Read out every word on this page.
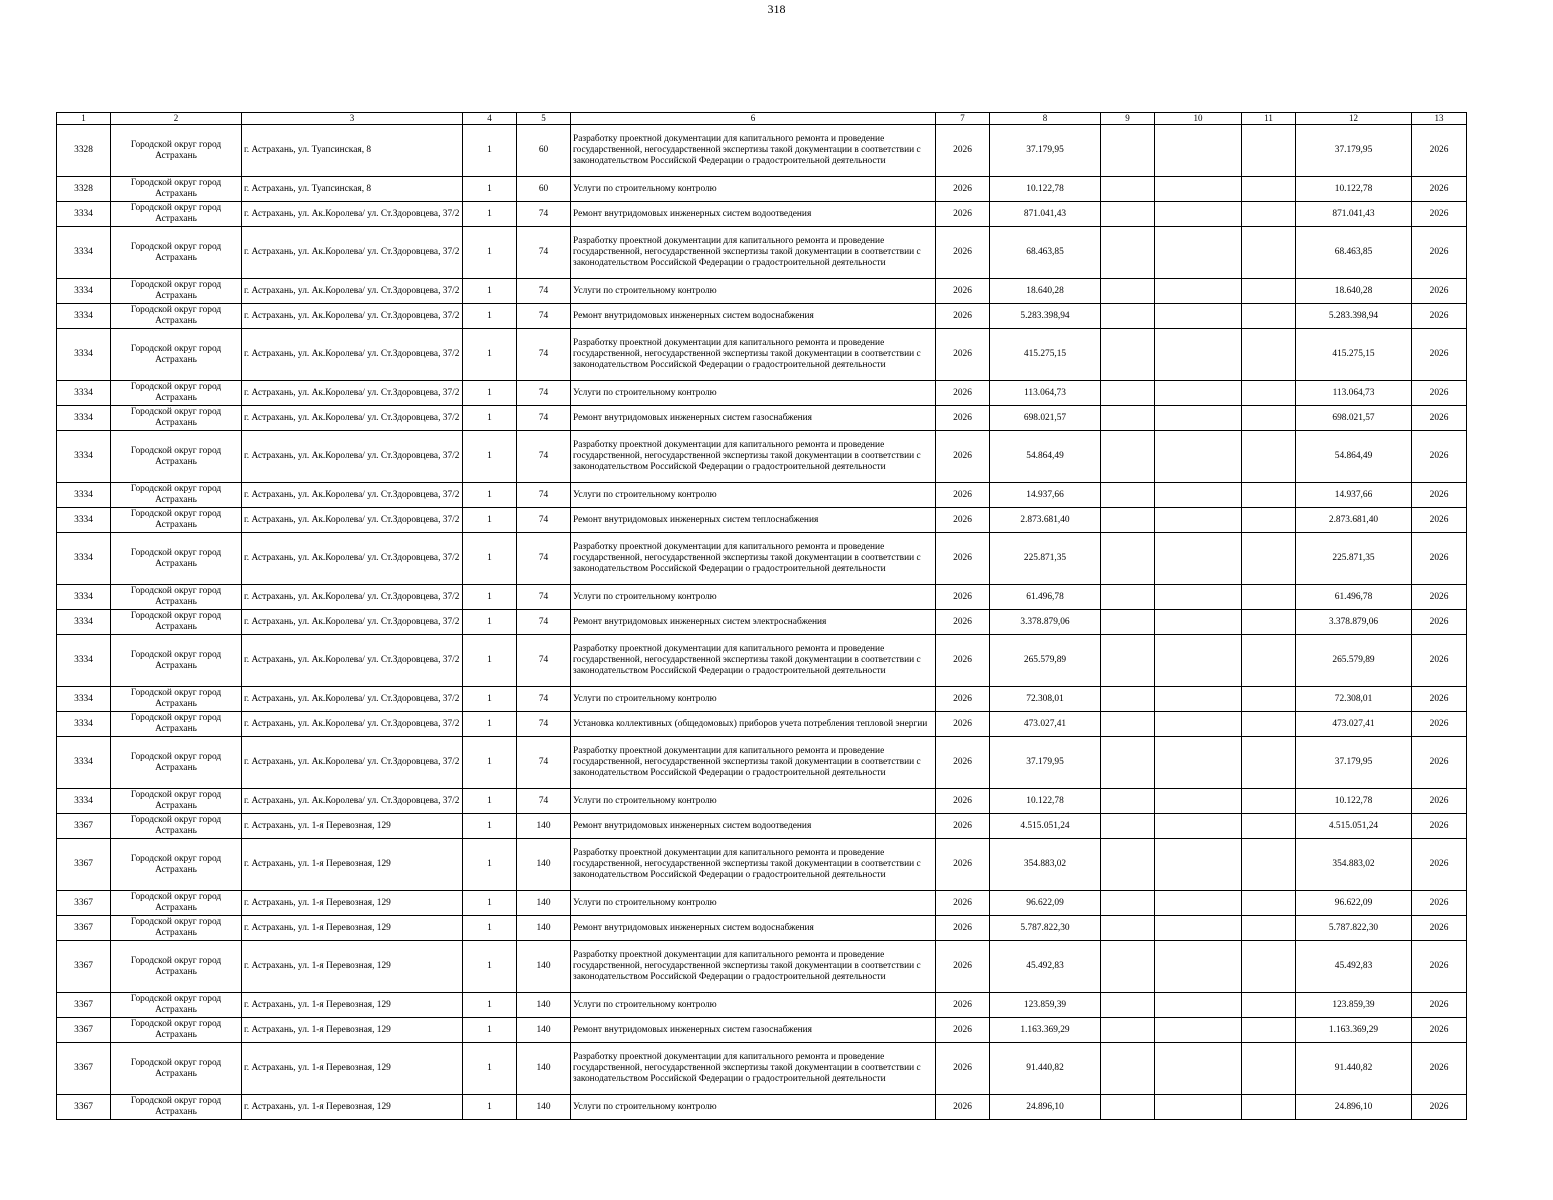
318
1	2	3	4	5	6	7	8	9	10	11	12	13
3328	Городской округ город Астрахань	г. Астрахань, ул. Туапсинская, 8	1	60	Разработку проектной документации для капитального ремонта и проведение государственной, негосударственной экспертизы такой документации в соответствии с законодательством Российской Федерации о градостроительной деятельности	2026	37.179,95				37.179,95	2026
3328	Городской округ город Астрахань	г. Астрахань, ул. Туапсинская, 8	1	60	Услуги по строительному контролю	2026	10.122,78				10.122,78	2026
3334	Городской округ город Астрахань	г. Астрахань, ул. Ак.Королева/ ул. Ст.Здоровцева, 37/2	1	74	Ремонт внутридомовых инженерных систем водоотведения	2026	871.041,43				871.041,43	2026
3334	Городской округ город Астрахань	г. Астрахань, ул. Ак.Королева/ ул. Ст.Здоровцева, 37/2	1	74	Разработку проектной документации для капитального ремонта и проведение государственной, негосударственной экспертизы такой документации в соответствии с законодательством Российской Федерации о градостроительной деятельности	2026	68.463,85				68.463,85	2026
3334	Городской округ город Астрахань	г. Астрахань, ул. Ак.Королева/ ул. Ст.Здоровцева, 37/2	1	74	Услуги по строительному контролю	2026	18.640,28				18.640,28	2026
3334	Городской округ город Астрахань	г. Астрахань, ул. Ак.Королева/ ул. Ст.Здоровцева, 37/2	1	74	Ремонт внутридомовых инженерных систем водоснабжения	2026	5.283.398,94				5.283.398,94	2026
3334	Городской округ город Астрахань	г. Астрахань, ул. Ак.Королева/ ул. Ст.Здоровцева, 37/2	1	74	Разработку проектной документации для капитального ремонта и проведение государственной, негосударственной экспертизы такой документации в соответствии с законодательством Российской Федерации о градостроительной деятельности	2026	415.275,15				415.275,15	2026
3334	Городской округ город Астрахань	г. Астрахань, ул. Ак.Королева/ ул. Ст.Здоровцева, 37/2	1	74	Услуги по строительному контролю	2026	113.064,73				113.064,73	2026
3334	Городской округ город Астрахань	г. Астрахань, ул. Ак.Королева/ ул. Ст.Здоровцева, 37/2	1	74	Ремонт внутридомовых инженерных систем газоснабжения	2026	698.021,57				698.021,57	2026
3334	Городской округ город Астрахань	г. Астрахань, ул. Ак.Королева/ ул. Ст.Здоровцева, 37/2	1	74	Разработку проектной документации для капитального ремонта и проведение государственной, негосударственной экспертизы такой документации в соответствии с законодательством Российской Федерации о градостроительной деятельности	2026	54.864,49				54.864,49	2026
3334	Городской округ город Астрахань	г. Астрахань, ул. Ак.Королева/ ул. Ст.Здоровцева, 37/2	1	74	Услуги по строительному контролю	2026	14.937,66				14.937,66	2026
3334	Городской округ город Астрахань	г. Астрахань, ул. Ак.Королева/ ул. Ст.Здоровцева, 37/2	1	74	Ремонт внутридомовых инженерных систем теплоснабжения	2026	2.873.681,40				2.873.681,40	2026
3334	Городской округ город Астрахань	г. Астрахань, ул. Ак.Королева/ ул. Ст.Здоровцева, 37/2	1	74	Разработку проектной документации для капитального ремонта и проведение государственной, негосударственной экспертизы такой документации в соответствии с законодательством Российской Федерации о градостроительной деятельности	2026	225.871,35				225.871,35	2026
3334	Городской округ город Астрахань	г. Астрахань, ул. Ак.Королева/ ул. Ст.Здоровцева, 37/2	1	74	Услуги по строительному контролю	2026	61.496,78				61.496,78	2026
3334	Городской округ город Астрахань	г. Астрахань, ул. Ак.Королева/ ул. Ст.Здоровцева, 37/2	1	74	Ремонт внутридомовых инженерных систем электроснабжения	2026	3.378.879,06				3.378.879,06	2026
3334	Городской округ город Астрахань	г. Астрахань, ул. Ак.Королева/ ул. Ст.Здоровцева, 37/2	1	74	Разработку проектной документации для капитального ремонта и проведение государственной, негосударственной экспертизы такой документации в соответствии с законодательством Российской Федерации о градостроительной деятельности	2026	265.579,89				265.579,89	2026
3334	Городской округ город Астрахань	г. Астрахань, ул. Ак.Королева/ ул. Ст.Здоровцева, 37/2	1	74	Услуги по строительному контролю	2026	72.308,01				72.308,01	2026
3334	Городской округ город Астрахань	г. Астрахань, ул. Ак.Королева/ ул. Ст.Здоровцева, 37/2	1	74	Установка коллективных (общедомовых) приборов учета потребления тепловой энергии	2026	473.027,41				473.027,41	2026
3334	Городской округ город Астрахань	г. Астрахань, ул. Ак.Королева/ ул. Ст.Здоровцева, 37/2	1	74	Разработку проектной документации для капитального ремонта и проведение государственной, негосударственной экспертизы такой документации в соответствии с законодательством Российской Федерации о градостроительной деятельности	2026	37.179,95				37.179,95	2026
3334	Городской округ город Астрахань	г. Астрахань, ул. Ак.Королева/ ул. Ст.Здоровцева, 37/2	1	74	Услуги по строительному контролю	2026	10.122,78				10.122,78	2026
3367	Городской округ город Астрахань	г. Астрахань, ул. 1-я Перевозная, 129	1	140	Ремонт внутридомовых инженерных систем водоотведения	2026	4.515.051,24				4.515.051,24	2026
3367	Городской округ город Астрахань	г. Астрахань, ул. 1-я Перевозная, 129	1	140	Разработку проектной документации для капитального ремонта и проведение государственной, негосударственной экспертизы такой документации в соответствии с законодательством Российской Федерации о градостроительной деятельности	2026	354.883,02				354.883,02	2026
3367	Городской округ город Астрахань	г. Астрахань, ул. 1-я Перевозная, 129	1	140	Услуги по строительному контролю	2026	96.622,09				96.622,09	2026
3367	Городской округ город Астрахань	г. Астрахань, ул. 1-я Перевозная, 129	1	140	Ремонт внутридомовых инженерных систем водоснабжения	2026	5.787.822,30				5.787.822,30	2026
3367	Городской округ город Астрахань	г. Астрахань, ул. 1-я Перевозная, 129	1	140	Разработку проектной документации для капитального ремонта и проведение государственной, негосударственной экспертизы такой документации в соответствии с законодательством Российской Федерации о градостроительной деятельности	2026	45.492,83				45.492,83	2026
3367	Городской округ город Астрахань	г. Астрахань, ул. 1-я Перевозная, 129	1	140	Услуги по строительному контролю	2026	123.859,39				123.859,39	2026
3367	Городской округ город Астрахань	г. Астрахань, ул. 1-я Перевозная, 129	1	140	Ремонт внутридомовых инженерных систем газоснабжения	2026	1.163.369,29				1.163.369,29	2026
3367	Городской округ город Астрахань	г. Астрахань, ул. 1-я Перевозная, 129	1	140	Разработку проектной документации для капитального ремонта и проведение государственной, негосударственной экспертизы такой документации в соответствии с законодательством Российской Федерации о градостроительной деятельности	2026	91.440,82				91.440,82	2026
3367	Городской округ город Астрахань	г. Астрахань, ул. 1-я Перевозная, 129	1	140	Услуги по строительному контролю	2026	24.896,10				24.896,10	2026
